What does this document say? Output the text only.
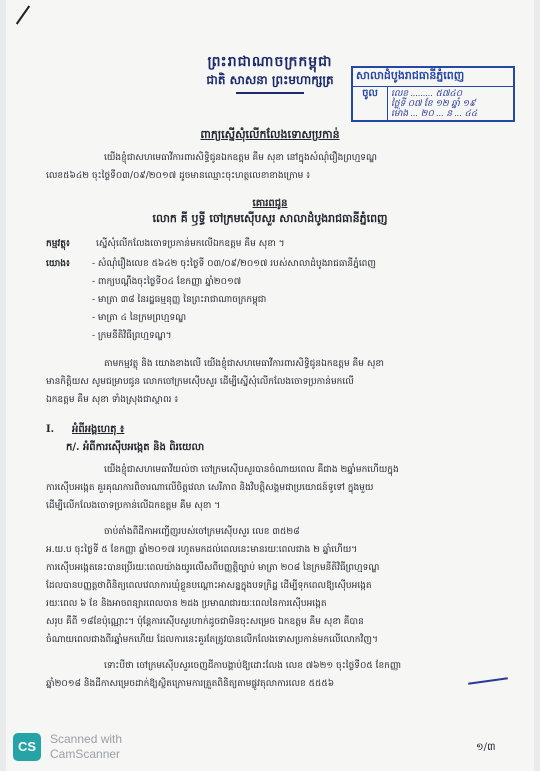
ព្រះរាជាណាចក្រកម្ពុជា
ជាតិ សាសនា ព្រះមហាក្សត្រ	សាលាដំបូងរាជធានីភ្នំពេញ
ចូល	លេខ ......... ៥៧៤០
ថ្ងៃទី ០៧ ខែ ១២ ឆ្នាំ ១៩
ម៉ោង ... ២០ ... ន ... ៤៤
ពាក្យស្នើសុំលើកលែងទោសប្រកាន់
យើងខ្ញុំជាសហមេធាវីការពារសិទ្ធិជូនឯកឧត្តម គឹម សុខា នៅក្នុងសំណុំរឿងព្រហ្មទណ្ឌ
លេខ៥៦៤២ ចុះថ្ងៃទី០៣/០៩/២០១៧ ដូចមានឈ្មោះចុះហត្ថលេខាខាងក្រោម ៖
គោរពជូន
លោក គី ឫទ្ធី ចៅក្រមស៊ើបសួរ សាលាដំបូងរាជធានីភ្នំពេញ
កម្មវត្ថុ៖	ស្នើសុំលើកលែងចោទប្រកាន់មកលើឯកឧត្តម គឹម សុខា ។
យោង៖ - សំណុំរឿងលេខ ៥៦៤២ ចុះថ្ងៃទី ០៣/០៩/២០១៧ របស់សាលាដំបូងរាជធានីភ្នំពេញ
- ពាក្យបណ្តឹងចុះថ្ងៃទី០៤ ខែកញ្ញា ឆ្នាំ២០១៧
- មាត្រា ៣៨ នៃរដ្ឋធម្មនុញ្ញ នៃព្រះរាជាណាចក្រកម្ពុជា
- មាត្រា ៤ នៃក្រមព្រហ្មទណ្ឌ
- ក្រមនីតិវិធីព្រហ្មទណ្ឌ។
តាមកម្មវត្ថុ និង យោងខាងលើ យើងខ្ញុំជាសហមេធាវីការពារសិទ្ធិជូនឯកឧត្តម គឹម សុខា
មានកិត្តិយស សូមជម្រាបជូន លោកចៅក្រមស៊ើបសួរ ដើម្បីស្នើសុំលើកលែងចោទប្រកាន់មកលើ
ឯកឧត្តម គឹម សុខា ទាំងស្រុងជាស្ថាពរ ៖
I. អំពីអង្គហេតុ ៖
ក/. អំពីការស៊ើបអង្កេត និង ពិរយេលា
យើងខ្ញុំជាសហមេធាវីយល់ថា ចៅក្រមស៊ើបសួរបានចំណាយពេល គឺជាង ២ឆ្នាំមកហើយក្នុង
ការស៊ើបអង្កេត គួរគុណការពិចារណាលើចិត្តវេលា សេរីភាព និងវិបត្តិសង្គមជាប្រយោជន៍ទូទៅ ក្នុងមួយ
ដើម្បីលើកលែងចោទប្រកាន់លើឯកឧត្តម គឹម សុខា ។
ចាប់តាំងពីដីកាអញ្ជើញរបស់ចៅក្រមស៊ើបសួរ លេខ ៣៥២៨
អ.យ.ប ចុះថ្ងៃទី ៥ ខែកញ្ញា ឆ្នាំ២០១៧ រហូតមកដល់ពេលនេះមានរយៈពេលជាង ២ ឆ្នាំហើយ។
ការស៊ើបអង្កេតនេះបានប្រើរយៈពេលយ៉ាងយូរលើសពីបញ្ញត្តិច្បាប់ មាត្រា ២០៨ នៃក្រមនីតិវិធីព្រហ្មទណ្ឌ
ដែលបានបញ្ញត្តថាពិនិត្យពេលវេលាការឃុំខ្លួនបណ្តោះអាសន្នក្នុងបទក្រិដ្ឋ ដើម្បីទុកពេលឱ្យស៊ើបអង្កេត
រយៈពេល ៦ ខែ និងអាចពន្យារពេលបាន ២ដង ប្រមាណជារយៈពេលនៃការស៊ើបអង្កេត
សរុប គឺពី ១៨ខែប៉ុណ្ណោះ។ ប៉ុន្តែការស៊ើបសួរហាក់ដូចជាមិនចុះសម្រេច ឯកឧត្តម គឹម សុខា គឺបាន
ចំណាយពេលជាងពីរឆ្នាំមកហើយ ដែលការនេះគួរតែត្រូវបានលើកលែងទោសប្រកាន់មកលើលោកវិញ។
ទោះបីថា ចៅក្រមស៊ើបសួរចេញដីកាបង្គាប់ឱ្យដោះលែង លេខ ៧៦២១ ចុះថ្ងៃទី០៥ ខែកញ្ញា
ឆ្នាំ២០១៨ និងដីកាសម្រេចដាក់ឱ្យស្ថិតក្រោមការត្រួតពិនិត្យតាមផ្លូវតុលាការលេខ ៥៥៥៦
១/៣
CS	Scanned with
CamScanner
